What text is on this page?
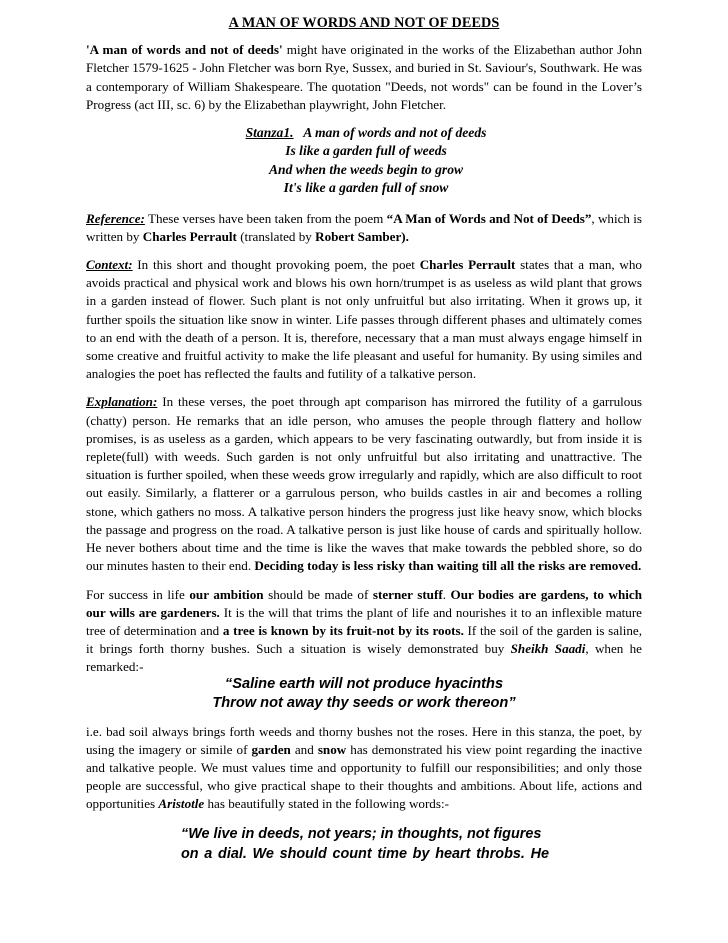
A MAN OF WORDS AND NOT OF DEEDS

'A man of words and not of deeds' might have originated in the works of the Elizabethan author John Fletcher 1579-1625 - John Fletcher was born Rye, Sussex, and buried in St. Saviour's, Southwark. He was a contemporary of William Shakespeare. The quotation "Deeds, not words" can be found in the Lover’s Progress (act III, sc. 6) by the Elizabethan playwright, John Fletcher.

Stanza1. A man of words and not of deeds
Is like a garden full of weeds
And when the weeds begin to grow
It's like a garden full of snow

Reference: These verses have been taken from the poem “A Man of Words and Not of Deeds”, which is written by Charles Perrault (translated by Robert Samber).

Context: In this short and thought provoking poem, the poet Charles Perrault states that a man, who avoids practical and physical work and blows his own horn/trumpet is as useless as wild plant that grows in a garden instead of flower. Such plant is not only unfruitful but also irritating. When it grows up, it further spoils the situation like snow in winter. Life passes through different phases and ultimately comes to an end with the death of a person. It is, therefore, necessary that a man must always engage himself in some creative and fruitful activity to make the life pleasant and useful for humanity. By using similes and analogies the poet has reflected the faults and futility of a talkative person.

Explanation: In these verses, the poet through apt comparison has mirrored the futility of a garrulous (chatty) person. He remarks that an idle person, who amuses the people through flattery and hollow promises, is as useless as a garden, which appears to be very fascinating outwardly, but from inside it is replete(full) with weeds. Such garden is not only unfruitful but also irritating and unattractive. The situation is further spoiled, when these weeds grow irregularly and rapidly, which are also difficult to root out easily. Similarly, a flatterer or a garrulous person, who builds castles in air and becomes a rolling stone, which gathers no moss. A talkative person hinders the progress just like heavy snow, which blocks the passage and progress on the road. A talkative person is just like house of cards and spiritually hollow. He never bothers about time and the time is like the waves that make towards the pebbled shore, so do our minutes hasten to their end. Deciding today is less risky than waiting till all the risks are removed.

For success in life our ambition should be made of sterner stuff. Our bodies are gardens, to which our wills are gardeners. It is the will that trims the plant of life and nourishes it to an inflexible mature tree of determination and a tree is known by its fruit-not by its roots. If the soil of the garden is saline, it brings forth thorny bushes. Such a situation is wisely demonstrated buy Sheikh Saadi, when he remarked:-

“Saline earth will not produce hyacinths
Throw not away thy seeds or work thereon”

i.e. bad soil always brings forth weeds and thorny bushes not the roses. Here in this stanza, the poet, by using the imagery or simile of garden and snow has demonstrated his view point regarding the inactive and talkative people. We must values time and opportunity to fulfill our responsibilities; and only those people are successful, who give practical shape to their thoughts and ambitions. About life, actions and opportunities Aristotle has beautifully stated in the following words:-

“We live in deeds, not years; in thoughts, not figures
on a dial. We should count time by heart throbs. He
